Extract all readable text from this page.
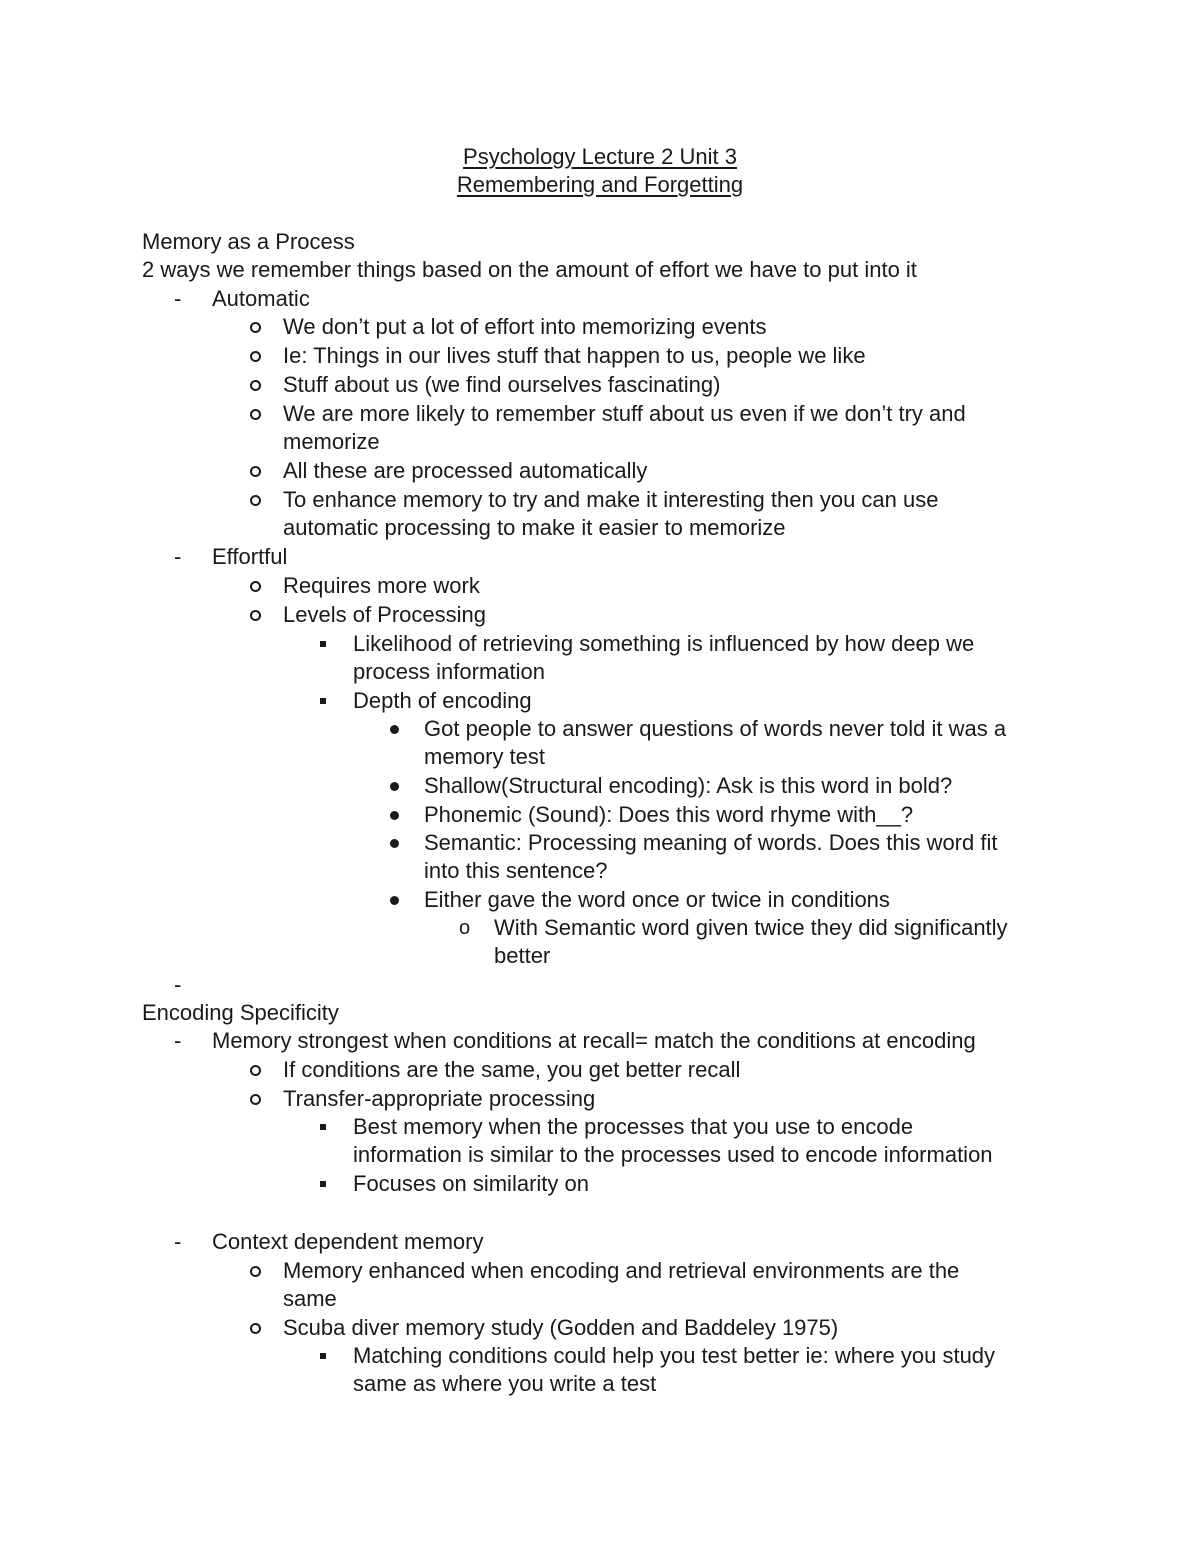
Psychology Lecture 2 Unit 3
Remembering and Forgetting
Memory as a Process
2 ways we remember things based on the amount of effort we have to put into it
- Automatic
We don’t put a lot of effort into memorizing events
Ie: Things in our lives stuff that happen to us, people we like
Stuff about us (we find ourselves fascinating)
We are more likely to remember stuff about us even if we don’t try and
memorize
All these are processed automatically
To enhance memory to try and make it interesting then you can use
automatic processing to make it easier to memorize
- Effortful
Requires more work
Levels of Processing
Likelihood of retrieving something is influenced by how deep we
process information
Depth of encoding
Got people to answer questions of words never told it was a
memory test
Shallow(Structural encoding): Ask is this word in bold?
Phonemic (Sound): Does this word rhyme with__?
Semantic: Processing meaning of words. Does this word fit
into this sentence?
Either gave the word once or twice in conditions
o With Semantic word given twice they did significantly
better
-
Encoding Specificity
- Memory strongest when conditions at recall= match the conditions at encoding
If conditions are the same, you get better recall
Transfer-appropriate processing
Best memory when the processes that you use to encode
information is similar to the processes used to encode information
Focuses on similarity on
- Context dependent memory
Memory enhanced when encoding and retrieval environments are the
same
Scuba diver memory study (Godden and Baddeley 1975)
Matching conditions could help you test better ie: where you study
same as where you write a test
